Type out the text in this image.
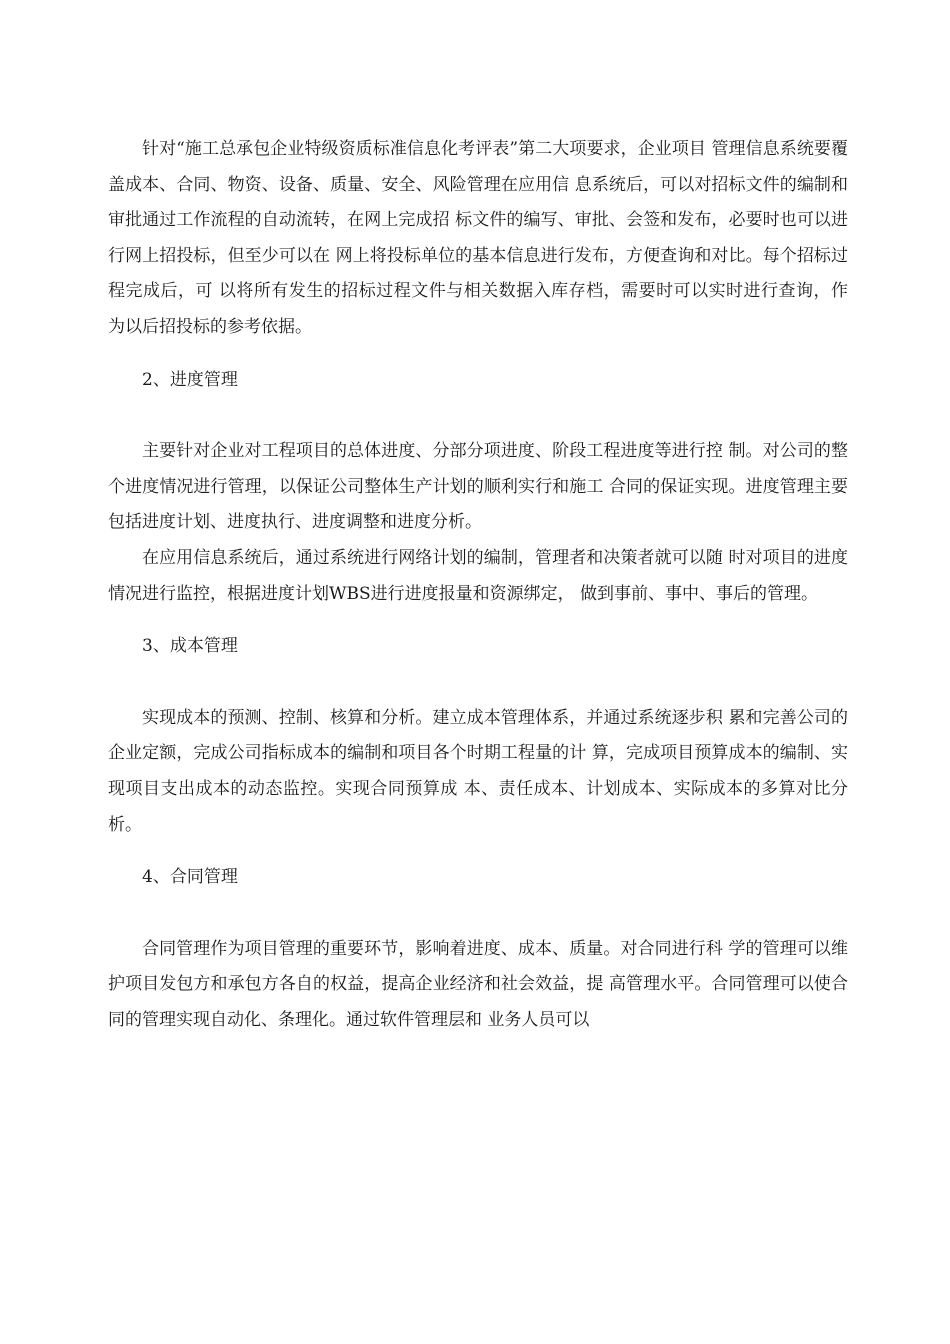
针对“施工总承包企业特级资质标准信息化考评表”第二大项要求，企业项目 管理信息系统要覆盖成本、合同、物资、设备、质量、安全、风险管理在应用信 息系统后，可以对招标文件的编制和审批通过工作流程的自动流转，在网上完成招 标文件的编写、审批、会签和发布，必要时也可以进行网上招投标，但至少可以在 网上将投标单位的基本信息进行发布，方便查询和对比。每个招标过程完成后，可 以将所有发生的招标过程文件与相关数据入库存档，需要时可以实时进行查询，作 为以后招投标的参考依据。

2、进度管理

主要针对企业对工程项目的总体进度、分部分项进度、阶段工程进度等进行控 制。对公司的整个进度情况进行管理，以保证公司整体生产计划的顺利实行和施工 合同的保证实现。进度管理主要包括进度计划、进度执行、进度调整和进度分析。

在应用信息系统后，通过系统进行网络计划的编制，管理者和决策者就可以随 时对项目的进度情况进行监控，根据进度计划WBS进行进度报量和资源绑定， 做到事前、事中、事后的管理。

3、成本管理

实现成本的预测、控制、核算和分析。建立成本管理体系，并通过系统逐步积 累和完善公司的企业定额，完成公司指标成本的编制和项目各个时期工程量的计 算，完成项目预算成本的编制、实现项目支出成本的动态监控。实现合同预算成 本、责任成本、计划成本、实际成本的多算对比分析。

4、合同管理

合同管理作为项目管理的重要环节，影响着进度、成本、质量。对合同进行科 学的管理可以维护项目发包方和承包方各自的权益，提高企业经济和社会效益，提 高管理水平。合同管理可以使合同的管理实现自动化、条理化。通过软件管理层和 业务人员可以
